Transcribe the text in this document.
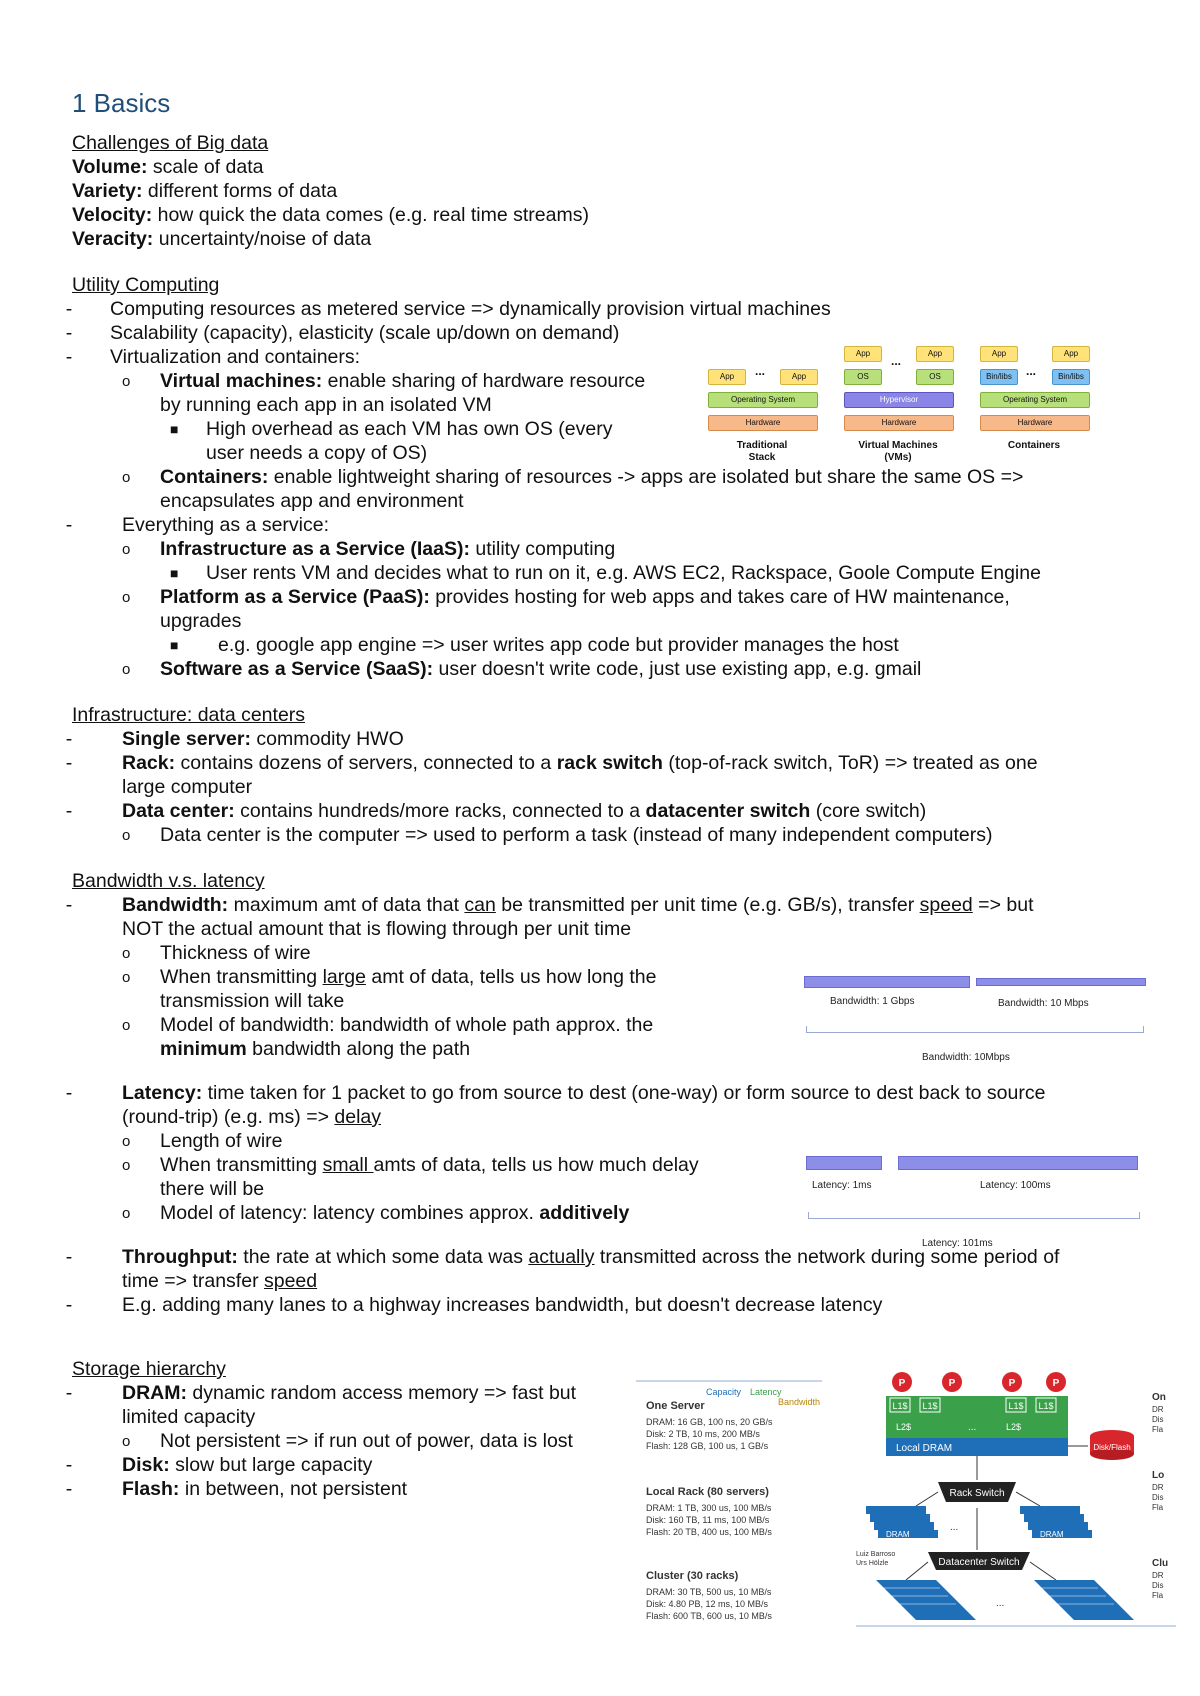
1 Basics
Challenges of Big data
Volume: scale of data
Variety: different forms of data
Velocity: how quick the data comes (e.g. real time streams)
Veracity: uncertainty/noise of data
Utility Computing
- Computing resources as metered service => dynamically provision virtual machines
- Scalability (capacity), elasticity (scale up/down on demand)
- Virtualization and containers:
o Virtual machines: enable sharing of hardware resource
by running each app in an isolated VM
■ High overhead as each VM has own OS (every
user needs a copy of OS)
o Containers: enable lightweight sharing of resources -> apps are isolated but share the same OS =>
encapsulates app and environment
-	Everything as a service:
o Infrastructure as a Service (IaaS): utility computing
■ User rents VM and decides what to run on it, e.g. AWS EC2, Rackspace, Goole Compute Engine
o Platform as a Service (PaaS): provides hosting for web apps and takes care of HW maintenance,
upgrades
■ e.g. google app engine => user writes app code but provider manages the host
o Software as a Service (SaaS): user doesn't write code, just use existing app, e.g. gmail
Infrastructure: data centers
-	Single server: commodity HWO
-	Rack: contains dozens of servers, connected to a rack switch (top-of-rack switch, ToR) => treated as one
large computer
-	Data center: contains hundreds/more racks, connected to a datacenter switch (core switch)
o Data center is the computer => used to perform a task (instead of many independent computers)
Bandwidth v.s. latency
-	Bandwidth: maximum amt of data that can be transmitted per unit time (e.g. GB/s), transfer speed => but
NOT the actual amount that is flowing through per unit time
o Thickness of wire
o When transmitting large amt of data, tells us how long the
transmission will take
o Model of bandwidth: bandwidth of whole path approx. the
minimum bandwidth along the path
-	Latency: time taken for 1 packet to go from source to dest (one-way) or form source to dest back to source
(round-trip) (e.g. ms) => delay
o Length of wire
o When transmitting small amts of data, tells us how much delay
there will be
o Model of latency: latency combines approx. additively
-	Throughput: the rate at which some data was actually transmitted across the network during some period of
time => transfer speed
-	E.g. adding many lanes to a highway increases bandwidth, but doesn't decrease latency
Storage hierarchy
-	DRAM: dynamic random access memory => fast but
limited capacity
o Not persistent => if run out of power, data is lost
-	Disk: slow but large capacity
-	Flash: in between, not persistent
App	...	App
Operating System
Hardware
Traditional
Stack
App	App
...
OS	OS
Hypervisor
Hardware
Virtual Machines
(VMs)
App	App
Bin/libs	...	Bin/libs
Operating System
Hardware
Containers
Bandwidth: 1 Gbps	Bandwidth: 10 Mbps
Bandwidth: 10Mbps
Latency: 1ms	Latency: 100ms
Latency: 101ms
Capacity Latency
Bandwidth
One Server
DRAM: 16 GB, 100 ns, 20 GB/s
Disk: 2 TB, 10 ms, 200 MB/s
Flash: 128 GB, 100 us, 1 GB/s
Local Rack (80 servers)
DRAM: 1 TB, 300 us, 100 MB/s
Disk: 160 TB, 11 ms, 100 MB/s
Flash: 20 TB, 400 us, 100 MB/s
Cluster (30 racks)
DRAM: 30 TB, 500 us, 10 MB/s
Disk: 4.80 PB, 12 ms, 10 MB/s
Flash: 600 TB, 600 us, 10 MB/s
P	P	P	P
L1$ L1$	L1$ L1$
L2$	L2$
...
Local DRAM	Disk/Flash
Rack Switch
DRAM
...
DRAM
Datacenter Switch
Luiz Barroso
Urs Hölzle
...
On
DR
Dis
Fla
Lo
DR
Dis
Fla
Clu
DR
Dis
Fla
